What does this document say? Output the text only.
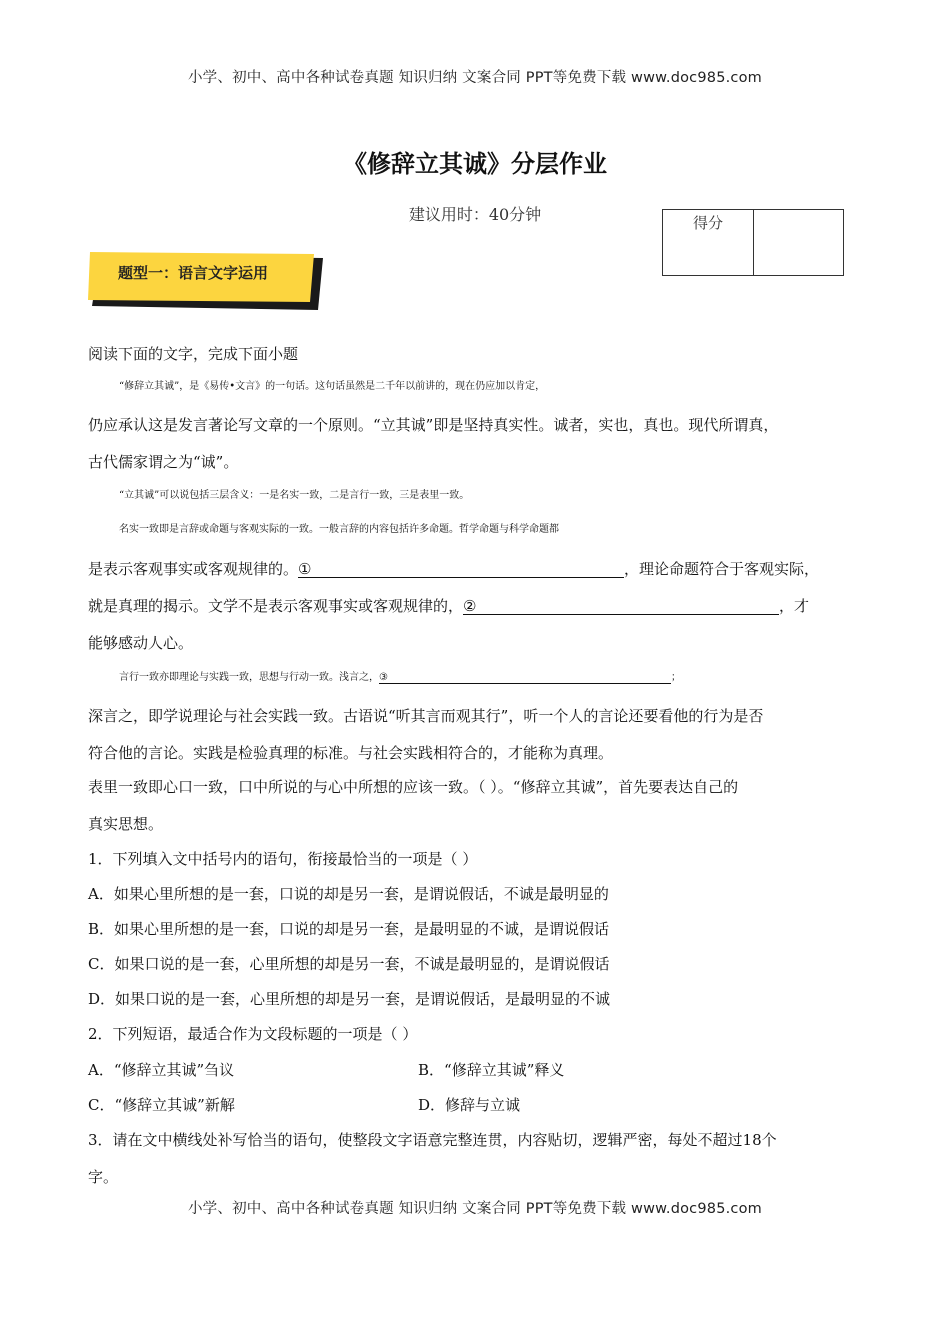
小学、初中、高中各种试卷真题 知识归纳 文案合同 PPT等免费下载 www.doc985.com
《修辞立其诚》分层作业
建议用时：40分钟	得分
题型一：语言文字运用
阅读下面的文字，完成下面小题
“修辞立其诚”，是《易传•文言》的一句话。这句话虽然是二千年以前讲的，现在仍应加以肯定，
仍应承认这是发言著论写文章的一个原则。“立其诚”即是坚持真实性。诚者，实也，真也。现代所谓真，
古代儒家谓之为“诚”。
“立其诚”可以说包括三层含义：一是名实一致，二是言行一致，三是表里一致。
名实一致即是言辞或命题与客观实际的一致。一般言辞的内容包括许多命题。哲学命题与科学命题都
是表示客观事实或客观规律的。①	，理论命题符合于客观实际，
就是真理的揭示。文学不是表示客观事实或客观规律的，②	，才
能够感动人心。
言行一致亦即理论与实践一致，思想与行动一致。浅言之，③	；
深言之，即学说理论与社会实践一致。古语说“听其言而观其行”，听一个人的言论还要看他的行为是否
符合他的言论。实践是检验真理的标准。与社会实践相符合的，才能称为真理。
表里一致即心口一致，口中所说的与心中所想的应该一致。（ ）。“修辞立其诚”，首先要表达自己的
真实思想。
1．下列填入文中括号内的语句，衔接最恰当的一项是（ ）
A．如果心里所想的是一套，口说的却是另一套，是谓说假话，不诚是最明显的
B．如果心里所想的是一套，口说的却是另一套，是最明显的不诚，是谓说假话
C．如果口说的是一套，心里所想的却是另一套，不诚是最明显的，是谓说假话
D．如果口说的是一套，心里所想的却是另一套，是谓说假话，是最明显的不诚
2．下列短语，最适合作为文段标题的一项是（ ）
A．“修辞立其诚”刍议	B．“修辞立其诚”释义
C．“修辞立其诚”新解	D．修辞与立诚
3．请在文中横线处补写恰当的语句，使整段文字语意完整连贯，内容贴切，逻辑严密，每处不超过18个
字。
小学、初中、高中各种试卷真题 知识归纳 文案合同 PPT等免费下载 www.doc985.com
